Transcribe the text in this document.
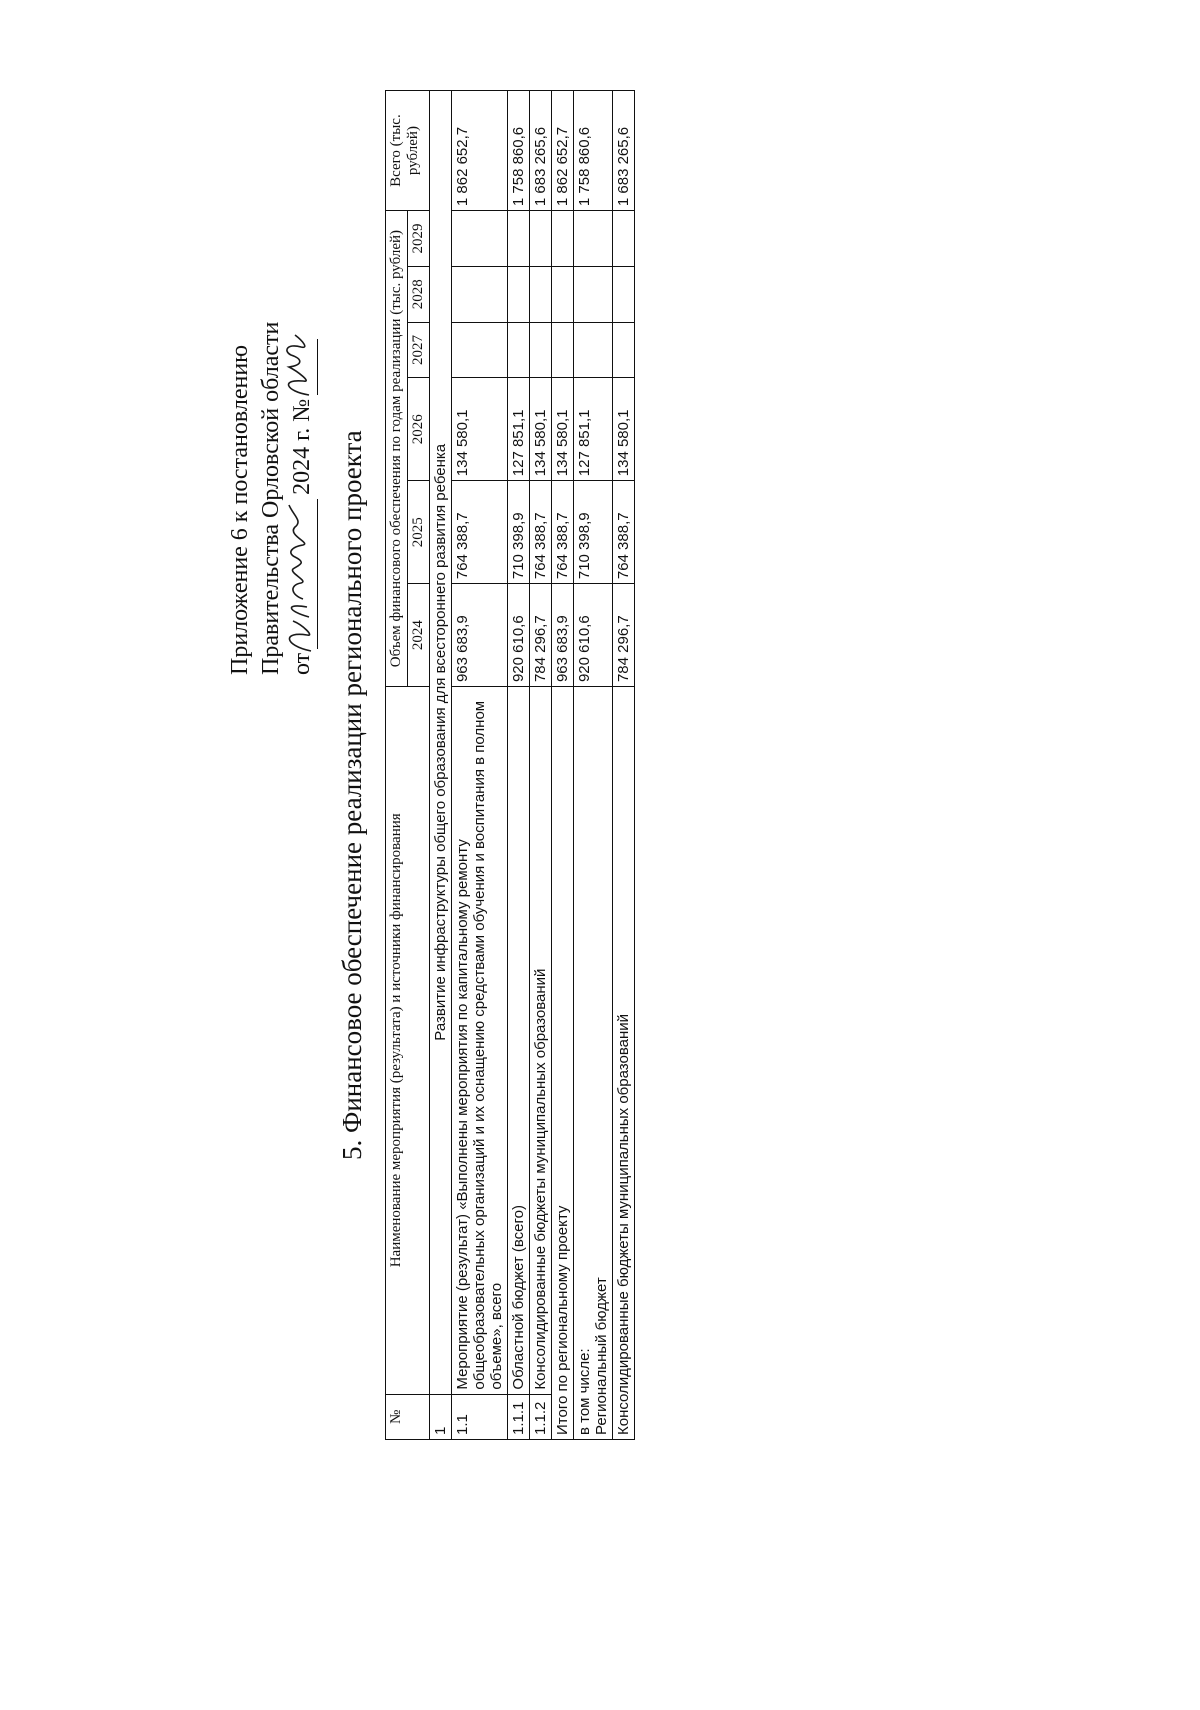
Приложение 6 к постановлению Правительства Орловской области от
2024 г. № 5. Финансовое обеспечение реализации регионального проекта
№	Наименование мероприятия (результата) и источники финансирования	Объем финансового обеспечения по годам реализации (тыс. рублей)						Всего (тыс. рублей)
		2024	2025	2026	2027	2028	2029	
1	Развитие инфраструктуры общего образования для всестороннего развития ребенка							
1.1	Мероприятие (результат) «Выполнены мероприятия по капитальному ремонту общеобразовательных организаций и их оснащению средствами обучения и воспитания в полном объеме», всего	963 683,9	764 388,7	134 580,1				1 862 652,7
1.1.1	Областной бюджет (всего)	920 610,6	710 398,9	127 851,1				1 758 860,6
1.1.2	Консолидированные бюджеты муниципальных образований	784 296,7	764 388,7	134 580,1				1 683 265,6
Итого по региональному проекту		963 683,9	764 388,7	134 580,1				1 862 652,7

в том числе: Региональный бюджет		920 610,6	710 398,9	127 851,1				1 758 860,6
Консолидированные бюджеты муниципальных образований		784 296,7	764 388,7	134 580,1				1 683 265,6
